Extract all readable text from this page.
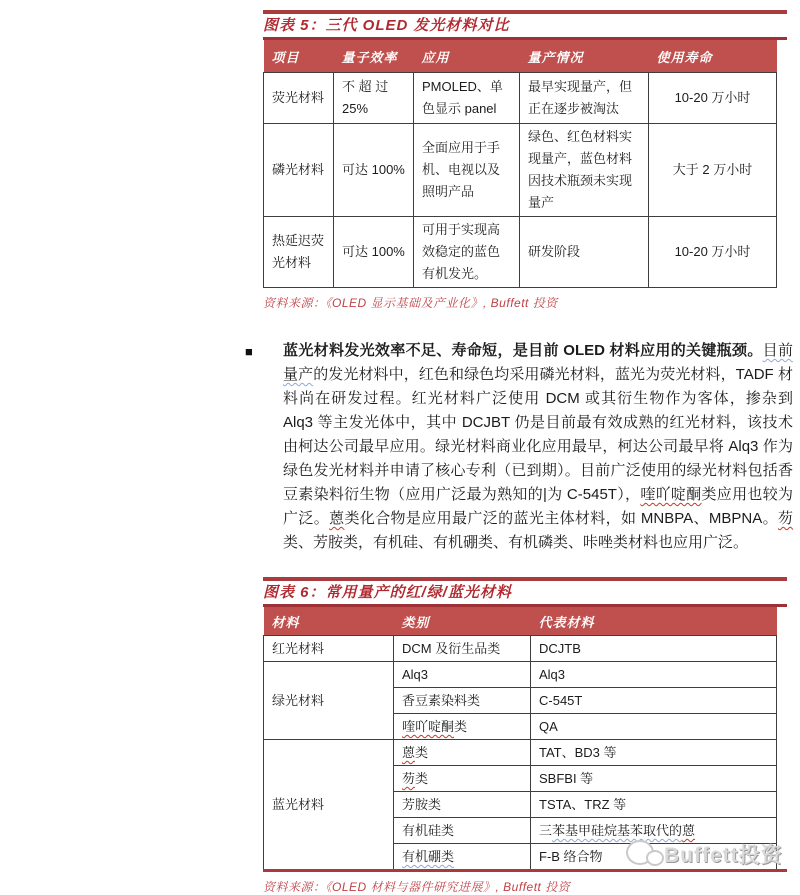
图表 5：三代 OLED 发光材料对比
项目	量子效率	应用	量产情况	使用寿命
荧光材料	不 超 过 25%	PMOLED、单色显示 panel	最早实现量产，但正在逐步被淘汰	10-20 万小时
磷光材料	可达 100%	全面应用于手机、电视以及照明产品	绿色、红色材料实现量产，蓝色材料因技术瓶颈未实现量产	大于 2 万小时
热延迟荧光材料	可达 100%	可用于实现高效稳定的蓝色有机发光。	研发阶段	10-20 万小时

资料来源：《OLED 显示基础及产业化》, Buffett 投资

■	蓝光材料发光效率不足、寿命短，是目前 OLED 材料应用的关键瓶颈。目前量产的发光材料中，红色和绿色均采用磷光材料，蓝光为荧光材料，TADF 材料尚在研发过程。红光材料广泛使用 DCM 或其衍生物作为客体，掺杂到 Alq3 等主发光体中，其中 DCJBT 仍是目前最有效成熟的红光材料，该技术由柯达公司最早应用。绿光材料商业化应用最早，柯达公司最早将 Alq3 作为绿色发光材料并申请了核心专利（已到期）。目前广泛使用的绿光材料包括香豆素染料衍生物（应用广泛最为熟知的|为 C-545T），喹吖啶酮类应用也较为广泛。蒽类化合物是应用最广泛的蓝光主体材料，如 MNBPA、MBPNA。芴类、芳胺类，有机硅、有机硼类、有机磷类、咔唑类材料也应用广泛。

图表 6：常用量产的红/绿/蓝光材料
材料	类别	代表材料
红光材料	DCM 及衍生品类	DCJTB
绿光材料	Alq3	Alq3
	香豆素染料类	C-545T
	喹吖啶酮类	QA
蓝光材料	蒽类	TAT、BD3 等
	芴类	SBFBI 等
	芳胺类	TSTA、TRZ 等
	有机硅类	三苯基甲硅烷基苯取代的蒽
	有机硼类	F-B 络合物

资料来源：《OLED 材料与器件研究进展》, Buffett 投资

Buffett投资
